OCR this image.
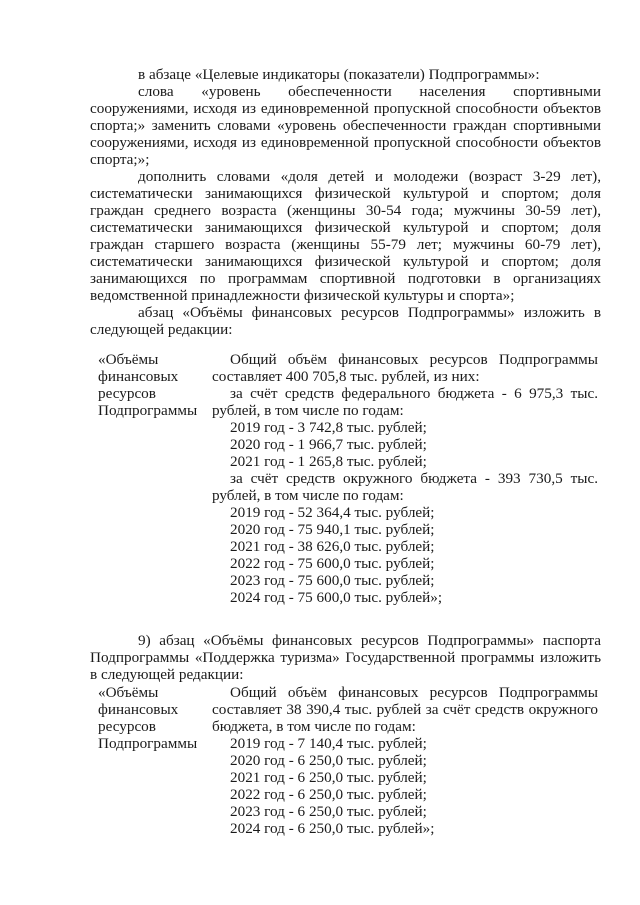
в абзаце «Целевые индикаторы (показатели) Подпрограммы»:

слова «уровень обеспеченности населения спортивными сооружениями, исходя из единовременной пропускной способности объектов спорта;» заменить словами «уровень обеспеченности граждан спортивными сооружениями, исходя из единовременной пропускной способности объектов спорта;»;

дополнить словами «доля детей и молодежи (возраст 3-29 лет), систематически занимающихся физической культурой и спортом; доля граждан среднего возраста (женщины 30-54 года; мужчины 30-59 лет), систематически занимающихся физической культурой и спортом; доля граждан старшего возраста (женщины 55-79 лет; мужчины 60-79 лет), систематически занимающихся физической культурой и спортом; доля занимающихся по программам спортивной подготовки в организациях ведомственной принадлежности физической культуры и спорта»;

абзац «Объёмы финансовых ресурсов Подпрограммы» изложить в следующей редакции:

«Объёмы
финансовых
ресурсов
Подпрограммы

Общий объём финансовых ресурсов Подпрограммы составляет 400 705,8 тыс. рублей, из них:

за счёт средств федерального бюджета - 6 975,3 тыс. рублей, в том числе по годам:

2019 год - 3 742,8 тыс. рублей;

2020 год - 1 966,7 тыс. рублей;

2021 год - 1 265,8 тыс. рублей;

за счёт средств окружного бюджета - 393 730,5 тыс. рублей, в том числе по годам:

2019 год - 52 364,4 тыс. рублей;

2020 год - 75 940,1 тыс. рублей;

2021 год - 38 626,0 тыс. рублей;

2022 год - 75 600,0 тыс. рублей;

2023 год - 75 600,0 тыс. рублей;

2024 год - 75 600,0 тыс. рублей»;

9) абзац «Объёмы финансовых ресурсов Подпрограммы» паспорта Подпрограммы «Поддержка туризма» Государственной программы изложить в следующей редакции:

«Объёмы
финансовых
ресурсов
Подпрограммы

Общий объём финансовых ресурсов Подпрограммы составляет 38 390,4 тыс. рублей за счёт средств окружного бюджета, в том числе по годам:

2019 год - 7 140,4 тыс. рублей;

2020 год - 6 250,0 тыс. рублей;

2021 год - 6 250,0 тыс. рублей;

2022 год - 6 250,0 тыс. рублей;

2023 год - 6 250,0 тыс. рублей;

2024 год - 6 250,0 тыс. рублей»;
